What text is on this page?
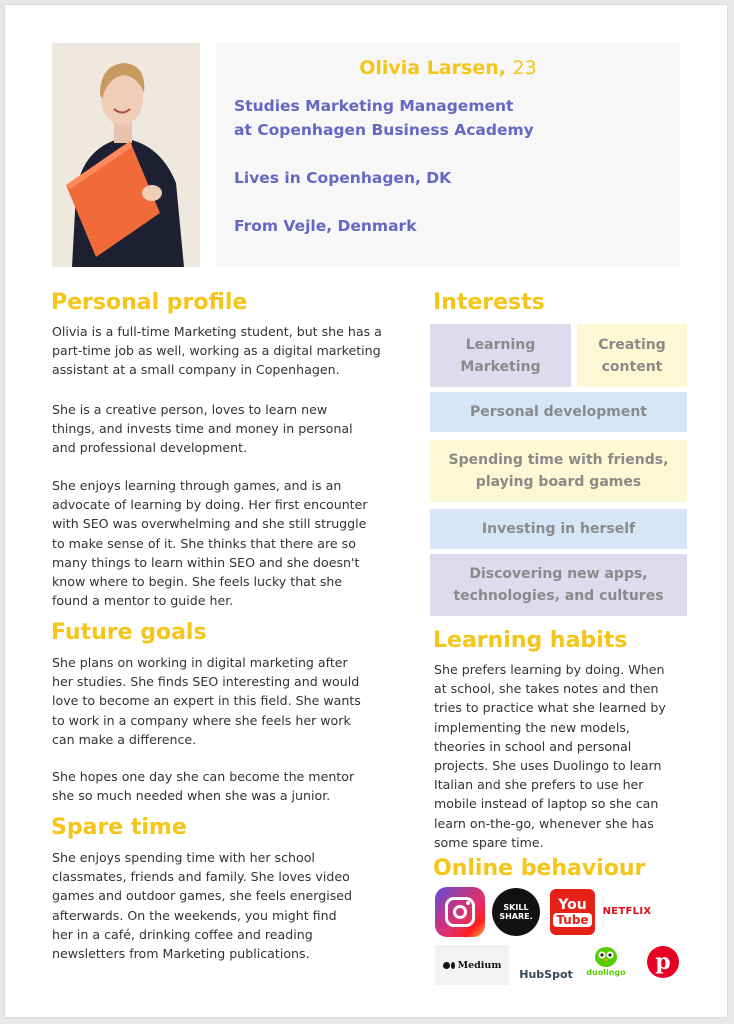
Olivia Larsen, 23
Studies Marketing Management
at Copenhagen Business Academy
Lives in Copenhagen, DK
From Vejle, Denmark
Personal profile
Olivia is a full-time Marketing student, but she has a part-time job as well, working as a digital marketing assistant at a small company in Copenhagen.
She is a creative person, loves to learn new things, and invests time and money in personal and professional development.
She enjoys learning through games, and is an advocate of learning by doing. Her first encounter with SEO was overwhelming and she still struggle to make sense of it. She thinks that there are so many things to learn within SEO and she doesn't know where to begin. She feels lucky that she found a mentor to guide her.
Future goals
She plans on working in digital marketing after her studies. She finds SEO interesting and would love to become an expert in this field. She wants to work in a company where she feels her work can make a difference.
She hopes one day she can become the mentor she so much needed when she was a junior.
Spare time
She enjoys spending time with her school classmates, friends and family. She loves video games and outdoor games, she feels energised afterwards. On the weekends, you might find her in a café, drinking coffee and reading newsletters from Marketing publications.
Interests
Learning Marketing
Creating content
Personal development
Spending time with friends, playing board games
Investing in herself
Discovering new apps, technologies, and cultures
Learning habits
She prefers learning by doing. When at school, she takes notes and then tries to practice what she learned by implementing the new models, theories in school and personal projects. She uses Duolingo to learn Italian and she prefers to use her mobile instead of laptop so she can learn on-the-go, whenever she has some spare time.
Online behaviour
SKILL SHARE.
You
Tube
NETFLIX
Medium
HubSpot duolingo	p
